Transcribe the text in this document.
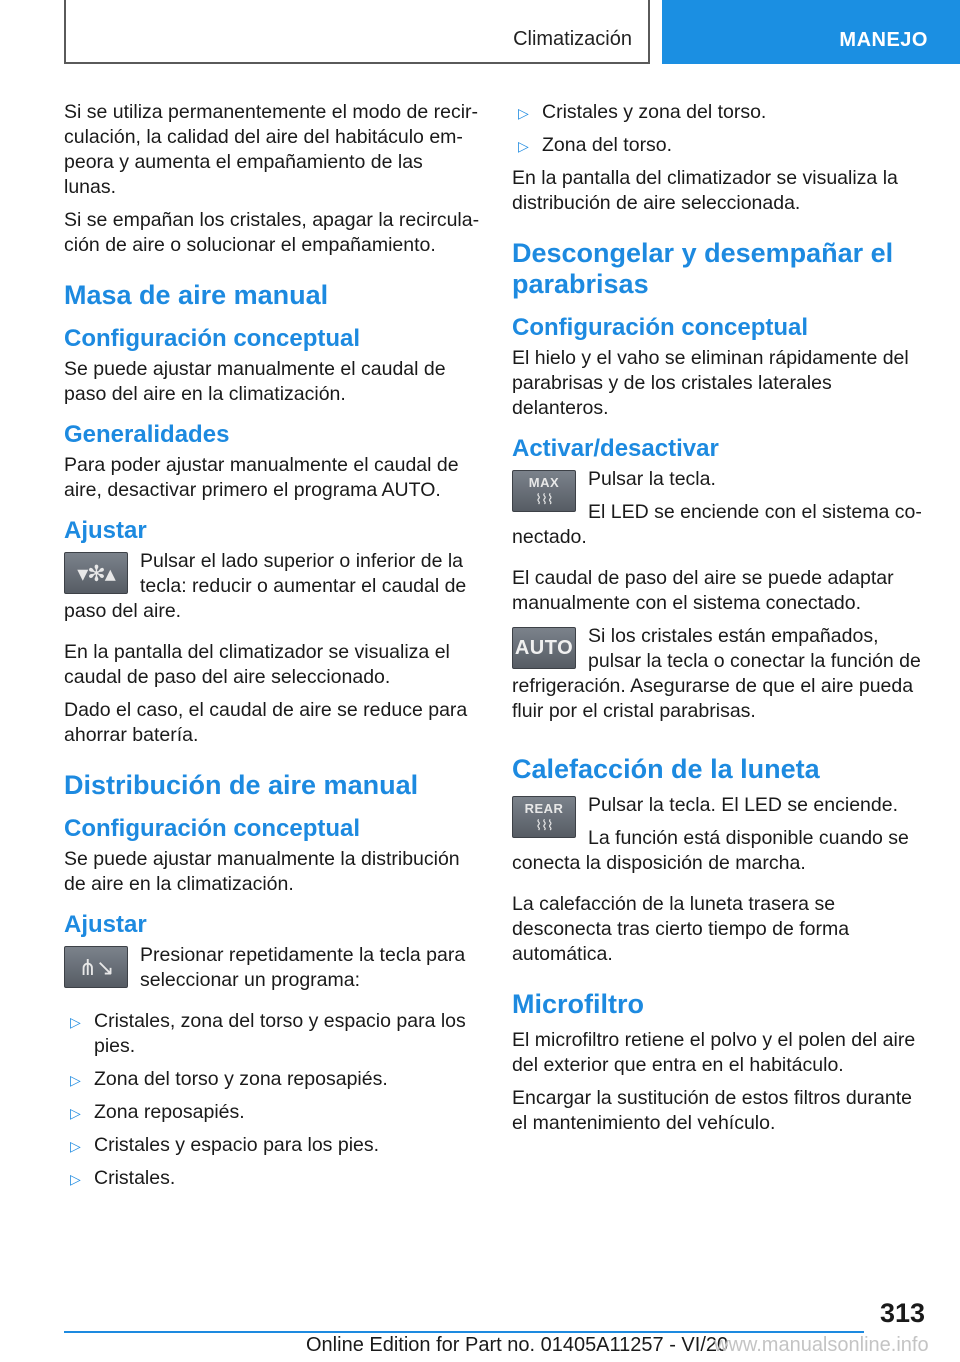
Climatización	MANEJO

Si se utiliza permanentemente el modo de recirculación, la calidad del aire del habitáculo empeora y aumenta el empañamiento de las lunas.

Si se empañan los cristales, apagar la recirculación de aire o solucionar el empañamiento.

Masa de aire manual
Configuración conceptual

Se puede ajustar manualmente el caudal de paso del aire en la climatización.

Generalidades

Para poder ajustar manualmente el caudal de aire, desactivar primero el programa AUTO.

Ajustar
▾✻▴	Pulsar el lado superior o inferior de la tecla: reducir o aumentar el caudal de paso del aire.

En la pantalla del climatizador se visualiza el caudal de paso del aire seleccionado.

Dado el caso, el caudal de aire se reduce para ahorrar batería.

Distribución de aire manual
Configuración conceptual

Se puede ajustar manualmente la distribución de aire en la climatización.

Ajustar
⋔↘	Presionar repetidamente la tecla para seleccionar un programa:

▷ Cristales, zona del torso y espacio para los pies.
▷ Zona del torso y zona reposapiés.
▷ Zona reposapiés.
▷ Cristales y espacio para los pies.
▷ Cristales.
▷ Cristales y zona del torso.
▷ Zona del torso.

En la pantalla del climatizador se visualiza la distribución de aire seleccionada.

Descongelar y desempañar el parabrisas
Configuración conceptual

El hielo y el vaho se eliminan rápidamente del parabrisas y de los cristales laterales delanteros.

Activar/desactivar
MAX
⌇⌇⌇

Pulsar la tecla.

El LED se enciende con el sistema conectado.

El caudal de paso del aire se puede adaptar manualmente con el sistema conectado.

AUTO

Si los cristales están empañados, pulsar la tecla o conectar la función de refrigeración. Asegurarse de que el aire pueda fluir por el cristal parabrisas.

Calefacción de la luneta
REAR
⌇⌇⌇

Pulsar la tecla. El LED se enciende.

La función está disponible cuando se conecta la disposición de marcha.

La calefacción de la luneta trasera se desconecta tras cierto tiempo de forma automática.

Microfiltro

El microfiltro retiene el polvo y el polen del aire del exterior que entra en el habitáculo.

Encargar la sustitución de estos filtros durante el mantenimiento del vehículo.

313
Online Edition for Part no. 01405A11257 - VI/20
www.manualsonline.info
